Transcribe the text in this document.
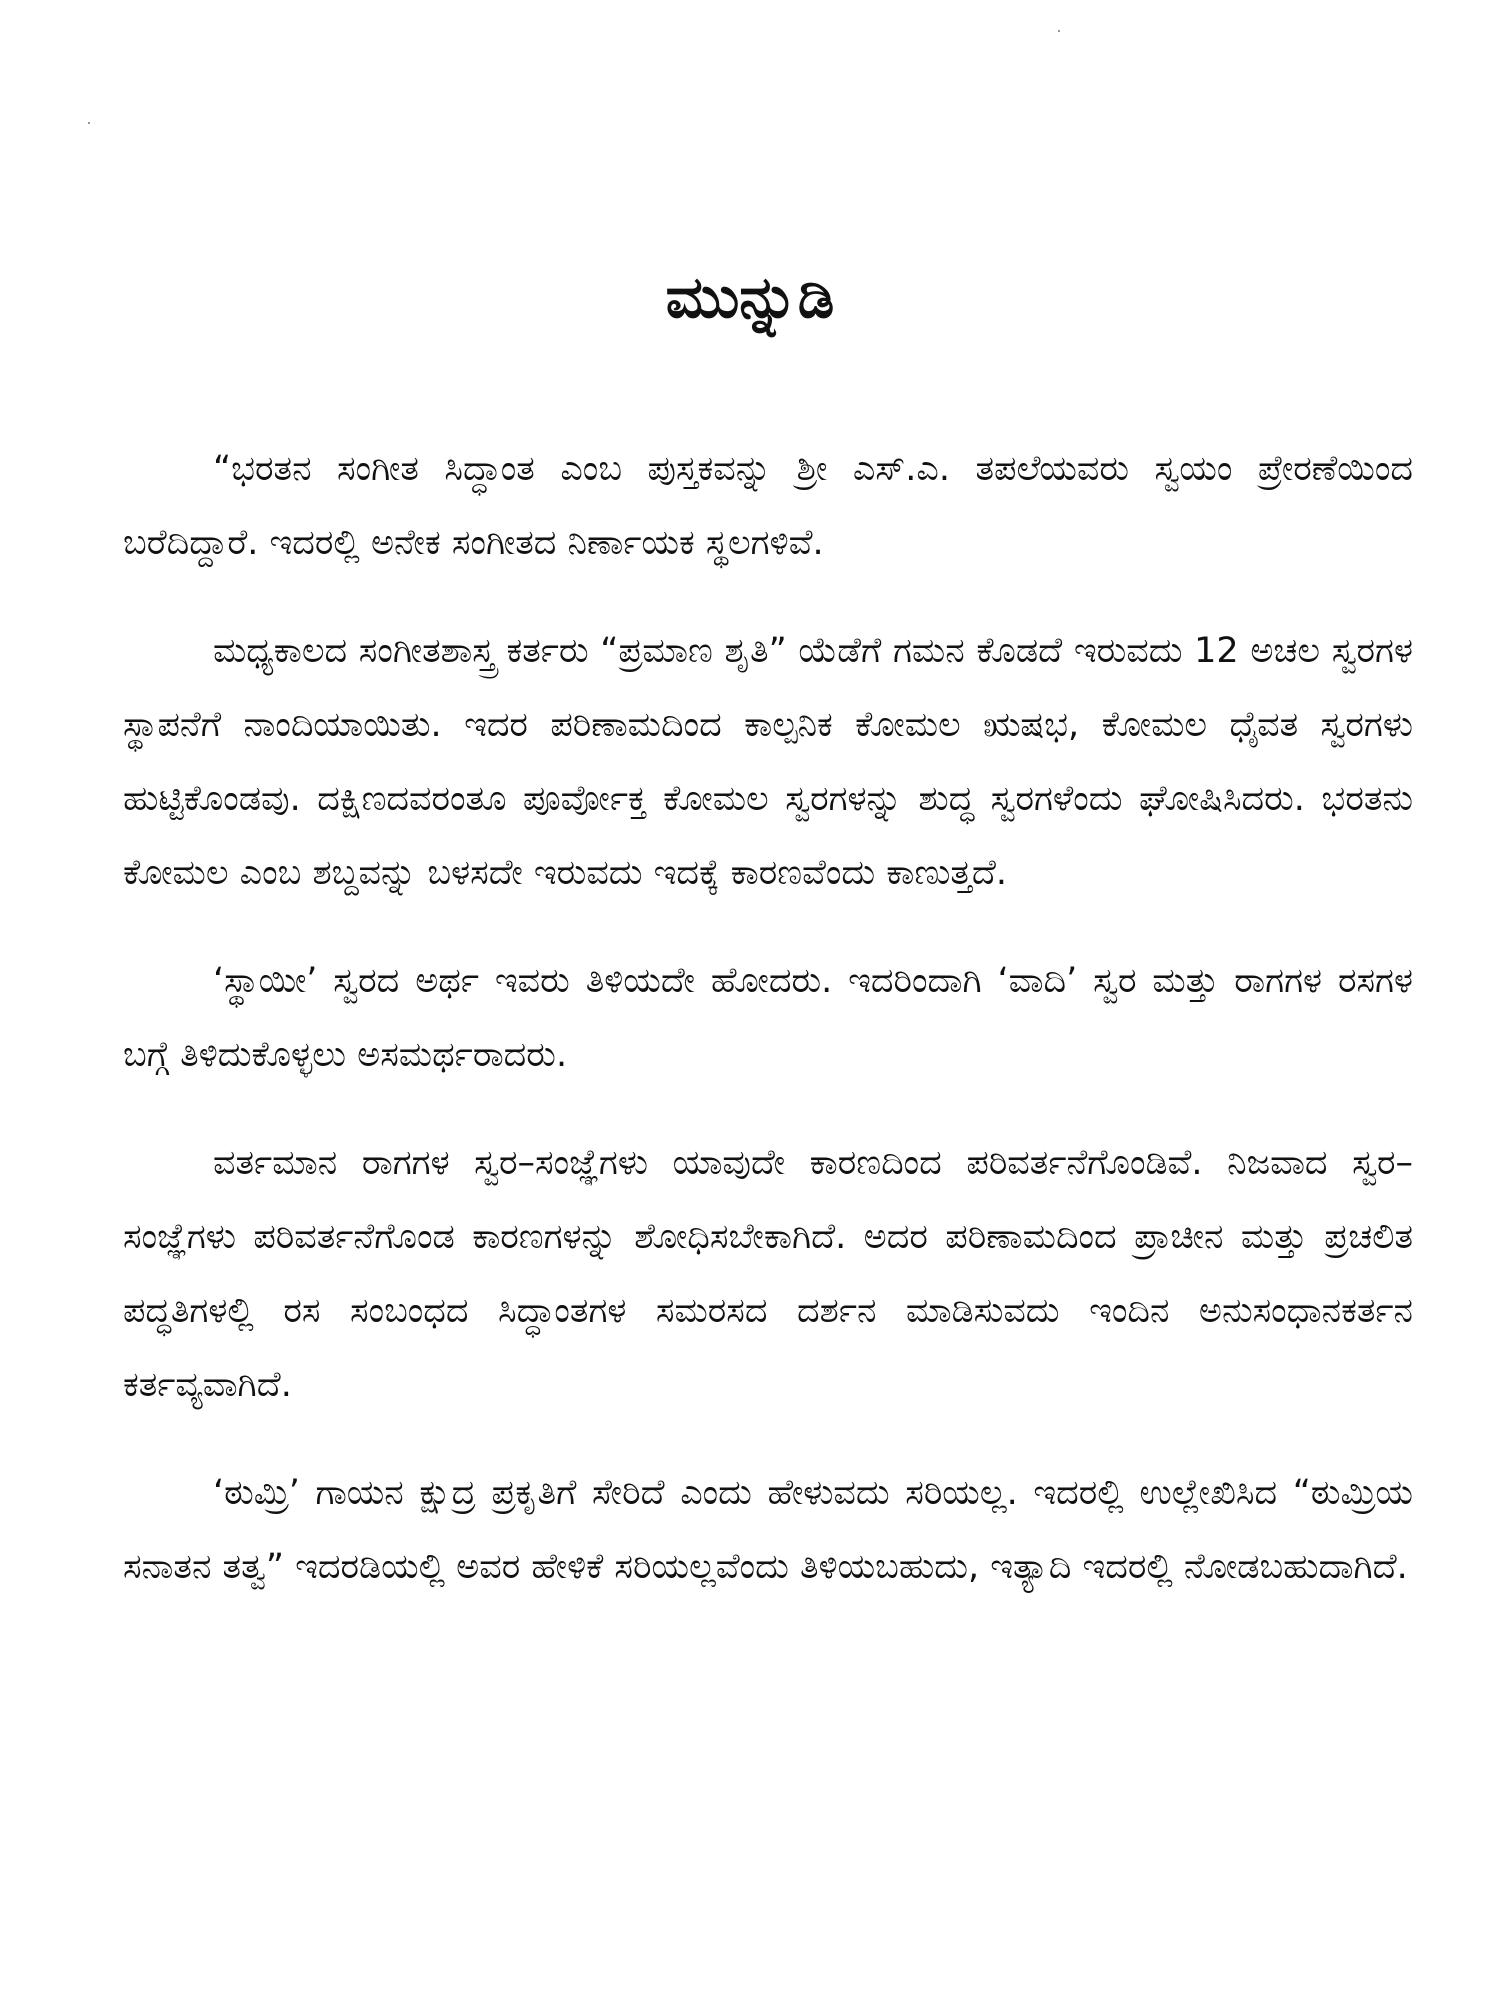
ಮುನ್ನುಡಿ

“ಭರತನ ಸಂಗೀತ ಸಿದ್ಧಾಂತ ಎಂಬ ಪುಸ್ತಕವನ್ನು ಶ್ರೀ ಎಸ್.ಎ. ತಪಲೆಯವರು ಸ್ವಯಂ ಪ್ರೇರಣೆಯಿಂದ ಬರೆದಿದ್ದಾರೆ. ಇದರಲ್ಲಿ ಅನೇಕ ಸಂಗೀತದ ನಿರ್ಣಾಯಕ ಸ್ಥಲಗಳಿವೆ.

ಮಧ್ಯಕಾಲದ ಸಂಗೀತಶಾಸ್ತ್ರ ಕರ್ತರು “ಪ್ರಮಾಣ ಶೃತಿ” ಯೆಡೆಗೆ ಗಮನ ಕೊಡದೆ ಇರುವದು 12 ಅಚಲ ಸ್ವರಗಳ ಸ್ಥಾಪನೆಗೆ ನಾಂದಿಯಾಯಿತು. ಇದರ ಪರಿಣಾಮದಿಂದ ಕಾಲ್ಪನಿಕ ಕೋಮಲ ಋಷಭ, ಕೋಮಲ ಧೈವತ ಸ್ವರಗಳು ಹುಟ್ಟಿಕೊಂಡವು. ದಕ್ಷಿಣದವರಂತೂ ಪೂರ್ವೋಕ್ತ ಕೋಮಲ ಸ್ವರಗಳನ್ನು ಶುದ್ಧ ಸ್ವರಗಳೆಂದು ಘೋಷಿಸಿದರು. ಭರತನು ಕೋಮಲ ಎಂಬ ಶಬ್ದವನ್ನು ಬಳಸದೇ ಇರುವದು ಇದಕ್ಕೆ ಕಾರಣವೆಂದು ಕಾಣುತ್ತದೆ.

‘ಸ್ಥಾಯೀ’ ಸ್ವರದ ಅರ್ಥ ಇವರು ತಿಳಿಯದೇ ಹೋದರು. ಇದರಿಂದಾಗಿ ‘ವಾದಿ’ ಸ್ವರ ಮತ್ತು ರಾಗಗಳ ರಸಗಳ ಬಗ್ಗೆ ತಿಳಿದುಕೊಳ್ಳಲು ಅಸಮರ್ಥರಾದರು.

ವರ್ತಮಾನ ರಾಗಗಳ ಸ್ವರ–ಸಂಜ್ಞೆಗಳು ಯಾವುದೇ ಕಾರಣದಿಂದ ಪರಿವರ್ತನೆಗೊಂಡಿವೆ. ನಿಜವಾದ ಸ್ವರ–ಸಂಜ್ಞೆಗಳು ಪರಿವರ್ತನೆಗೊಂಡ ಕಾರಣಗಳನ್ನು ಶೋಧಿಸಬೇಕಾಗಿದೆ. ಅದರ ಪರಿಣಾಮದಿಂದ ಪ್ರಾಚೀನ ಮತ್ತು ಪ್ರಚಲಿತ ಪದ್ಧತಿಗಳಲ್ಲಿ ರಸ ಸಂಬಂಧದ ಸಿದ್ಧಾಂತಗಳ ಸಮರಸದ ದರ್ಶನ ಮಾಡಿಸುವದು ಇಂದಿನ ಅನುಸಂಧಾನಕರ್ತನ ಕರ್ತವ್ಯವಾಗಿದೆ.

‘ಠುಮ್ರಿ’ ಗಾಯನ ಕ್ಷುದ್ರ ಪ್ರಕೃತಿಗೆ ಸೇರಿದೆ ಎಂದು ಹೇಳುವದು ಸರಿಯಲ್ಲ. ಇದರಲ್ಲಿ ಉಲ್ಲೇಖಿಸಿದ “ಠುಮ್ರಿಯ ಸನಾತನ ತತ್ವ” ಇದರಡಿಯಲ್ಲಿ ಅವರ ಹೇಳಿಕೆ ಸರಿಯಲ್ಲವೆಂದು ತಿಳಿಯಬಹುದು, ಇತ್ಯಾದಿ ಇದರಲ್ಲಿ ನೋಡಬಹುದಾಗಿದೆ.
